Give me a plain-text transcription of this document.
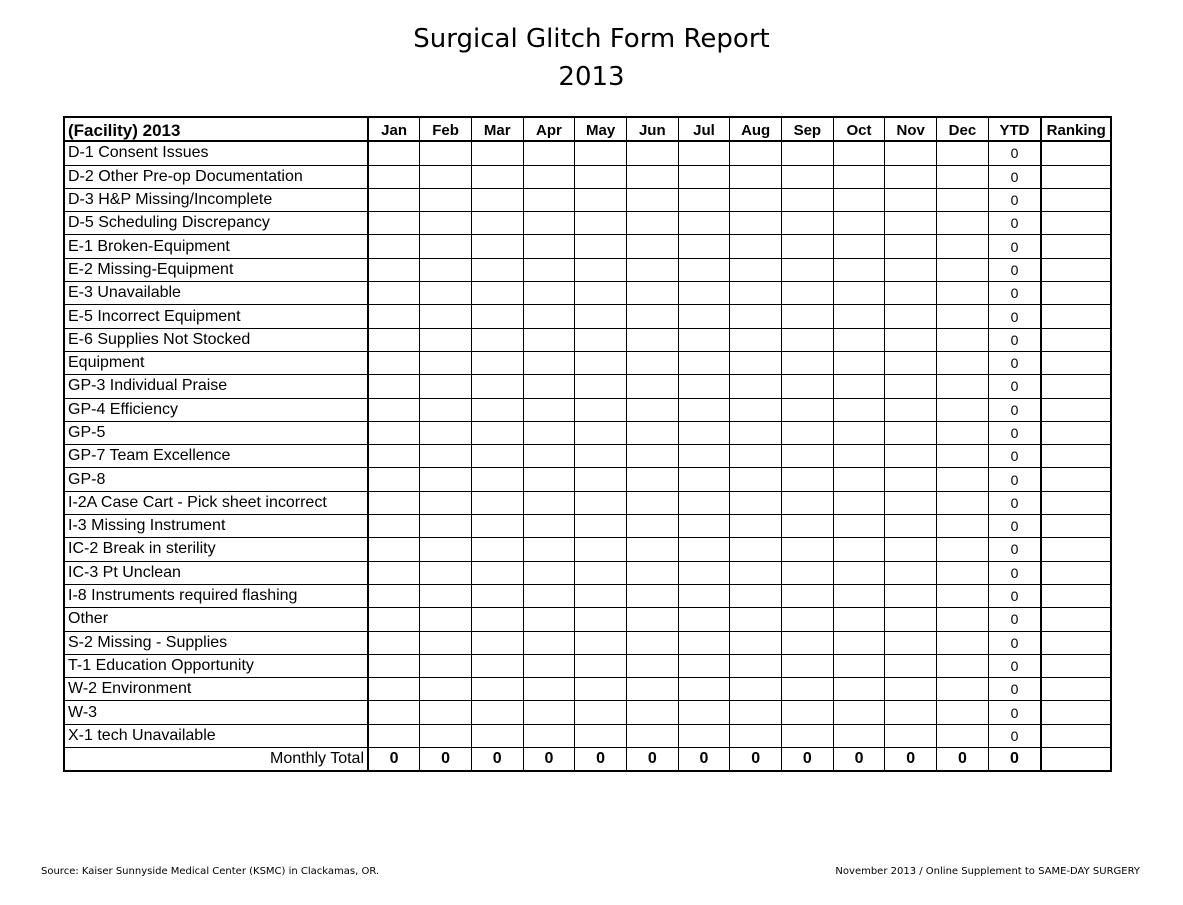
Surgical Glitch Form Report
2013
(Facility) 2013	Jan	Feb	Mar	Apr	May	Jun	Jul	Aug	Sep	Oct	Nov	Dec	YTD	Ranking
D-1 Consent Issues													0	
D-2 Other Pre-op Documentation													0	
D-3 H&P Missing/Incomplete													0	
D-5 Scheduling Discrepancy													0	
E-1 Broken-Equipment													0	
E-2 Missing-Equipment													0	
E-3 Unavailable													0	
E-5 Incorrect Equipment													0	
E-6 Supplies Not Stocked													0	
Equipment													0	
GP-3 Individual Praise													0	
GP-4 Efficiency													0	
GP-5													0	
GP-7 Team Excellence													0	
GP-8													0	
I-2A Case Cart - Pick sheet incorrect													0	
I-3 Missing Instrument													0	
IC-2 Break in sterility													0	
IC-3 Pt Unclean													0	
I-8 Instruments required flashing													0	
Other													0	
S-2 Missing - Supplies													0	
T-1 Education Opportunity													0	
W-2 Environment													0	
W-3													0	
X-1 tech Unavailable													0	
Monthly Total	0	0	0	0	0	0	0	0	0	0	0	0	0	
Source: Kaiser Sunnyside Medical Center (KSMC) in Clackamas, OR.	November 2013 / Online Supplement to SAME-DAY SURGERY
